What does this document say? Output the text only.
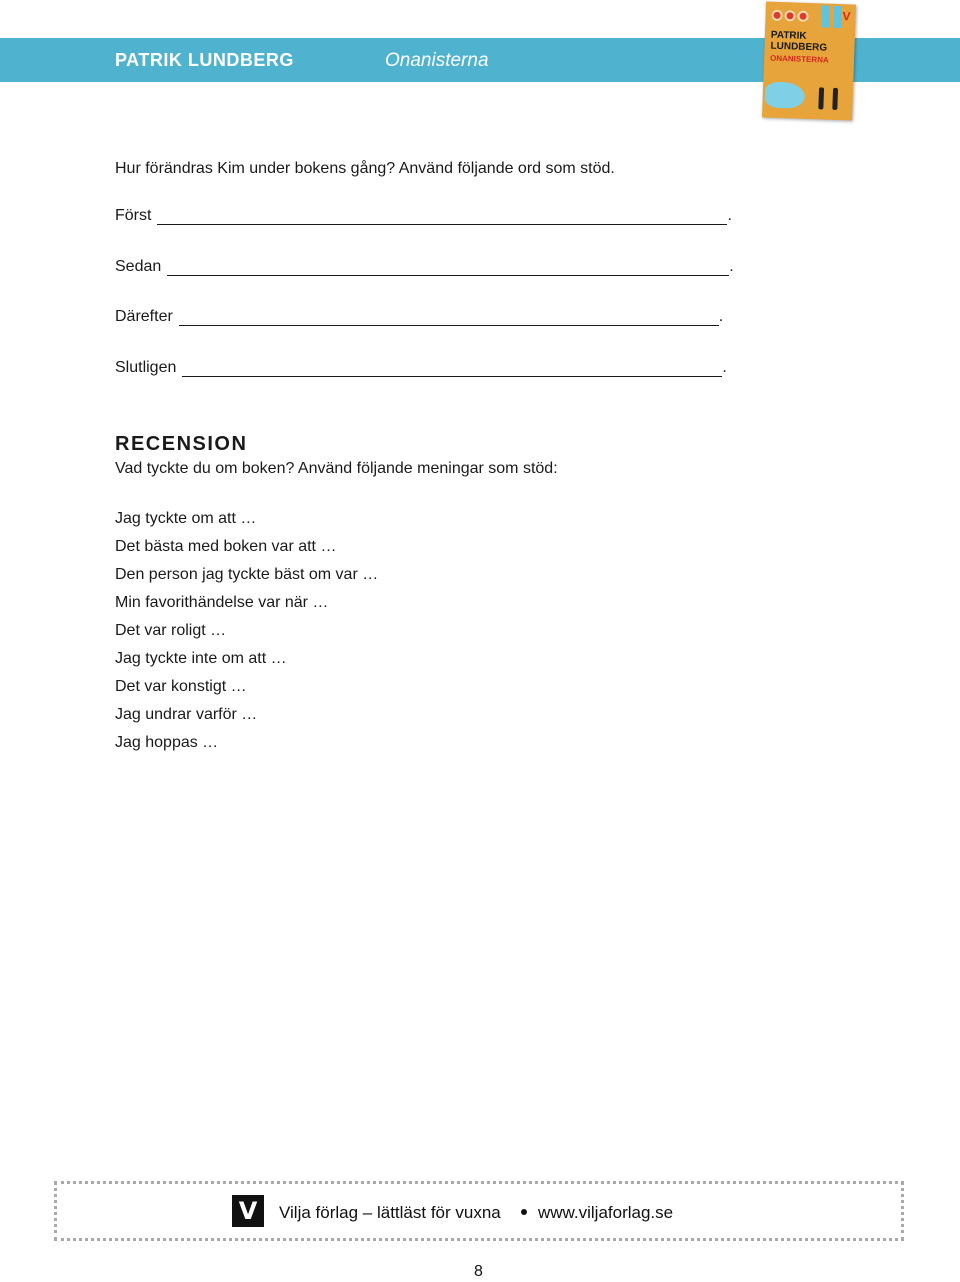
PATRIK LUNDBERG	Onanisterna
V
PATRIK
LUNDBERG
ONANISTERNA
Hur förändras Kim under bokens gång? Använd följande ord som stöd.
Först	.
Sedan	.
Därefter	.
Slutligen	.
RECENSION
Vad tyckte du om boken? Använd följande meningar som stöd:
Jag tyckte om att …
Det bästa med boken var att …
Den person jag tyckte bäst om var …
Min favorithändelse var när …
Det var roligt …
Jag tyckte inte om att …
Det var konstigt …
Jag undrar varför …
Jag hoppas …
V Vilja förlag – lättläst för vuxna www.viljaforlag.se
8
